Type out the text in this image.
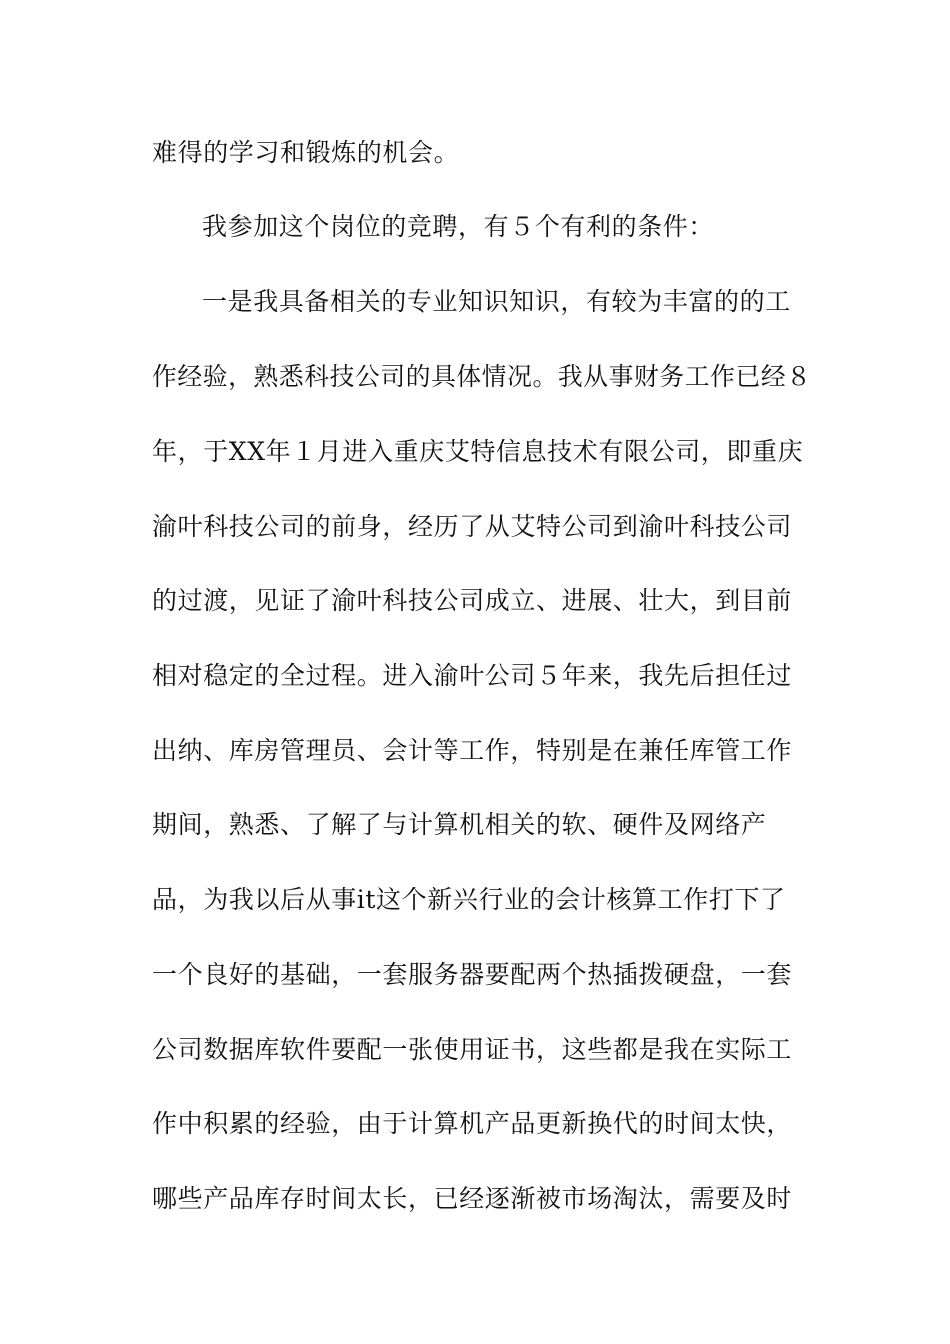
难得的学习和锻炼的机会。
我参加这个岗位的竞聘，有５个有利的条件：
一是我具备相关的专业知识知识，有较为丰富的的工
作经验，熟悉科技公司的具体情况。我从事财务工作已经８
年，于XX年１月进入重庆艾特信息技术有限公司，即重庆
渝叶科技公司的前身，经历了从艾特公司到渝叶科技公司
的过渡，见证了渝叶科技公司成立、进展、壮大，到目前
相对稳定的全过程。进入渝叶公司５年来，我先后担任过
出纳、库房管理员、会计等工作，特别是在兼任库管工作
期间，熟悉、了解了与计算机相关的软、硬件及网络产
品，为我以后从事it这个新兴行业的会计核算工作打下了
一个良好的基础，一套服务器要配两个热插拨硬盘，一套
公司数据库软件要配一张使用证书，这些都是我在实际工
作中积累的经验，由于计算机产品更新换代的时间太快，
哪些产品库存时间太长，已经逐渐被市场淘汰，需要及时
